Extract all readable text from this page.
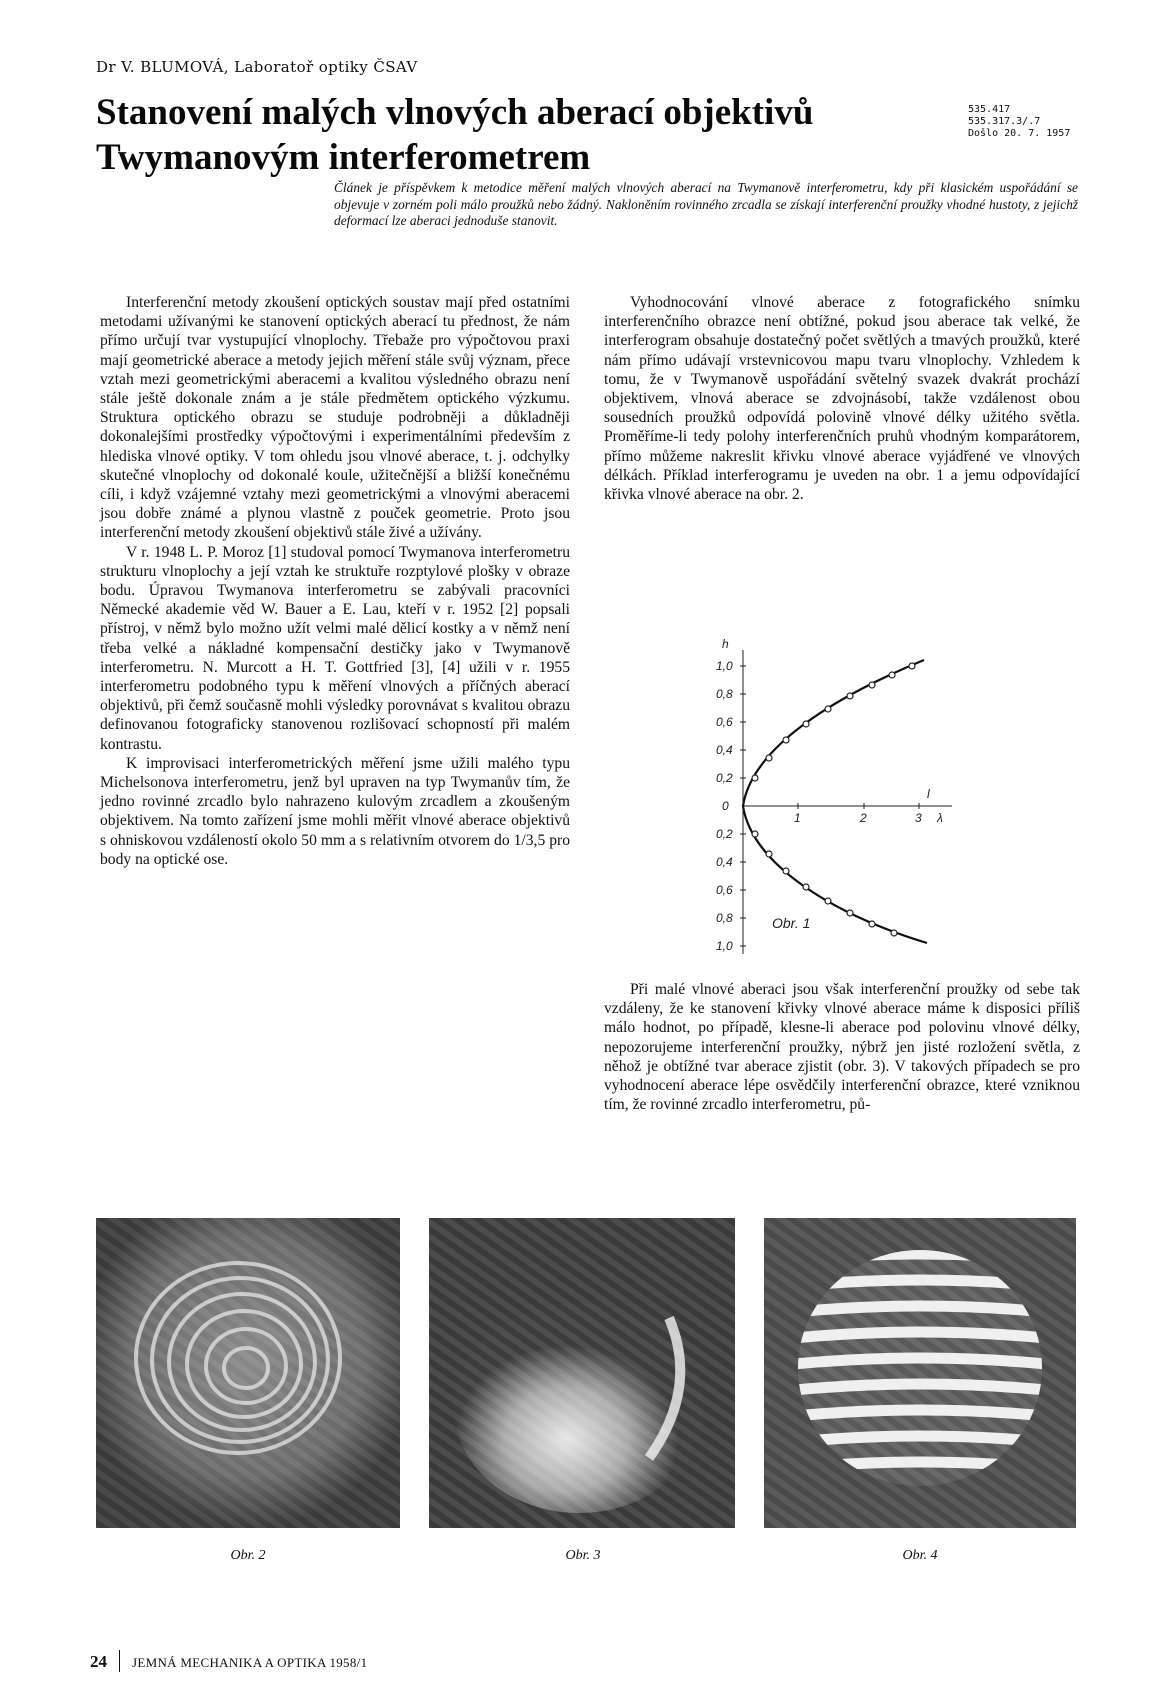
Dr V. BLUMOVÁ, Laboratoř optiky ČSAV
Stanovení malých vlnových aberací objektivů
Twymanovým interferometrem
535.417
535.317.3/.7
Došlo 20. 7. 1957
Článek je příspěvkem k metodice měření malých vlnových aberací na Twymanově interferometru, kdy při klasickém uspořádání se objevuje v zorném poli málo proužků nebo žádný. Nakloněním rovinného zrcadla se získají interferenční proužky vhodné hustoty, z jejichž deformací lze aberaci jednoduše stanovit.

Interferenční metody zkoušení optických soustav mají před ostatními metodami užívanými ke stanovení optických aberací tu přednost, že nám přímo určují tvar vystupující vlnoplochy. Třebaže pro výpočtovou praxi mají geometrické aberace a metody jejich měření stále svůj význam, přece vztah mezi geometrickými aberacemi a kvalitou výsledného obrazu není stále ještě dokonale znám a je stále předmětem optického výzkumu. Struktura optického obrazu se studuje podrobněji a důkladněji dokonalejšími prostředky výpočtovými i experimentálními především z hlediska vlnové optiky. V tom ohledu jsou vlnové aberace, t. j. odchylky skutečné vlnoplochy od dokonalé koule, užitečnější a bližší konečnému cíli, i když vzájemné vztahy mezi geometrickými a vlnovými aberacemi jsou dobře známé a plynou vlastně z pouček geometrie. Proto jsou interferenční metody zkoušení objektivů stále živé a užívány.

V r. 1948 L. P. Moroz [1] studoval pomocí Twymanova interferometru strukturu vlnoplochy a její vztah ke struktuře rozptylové plošky v obraze bodu. Úpravou Twymanova interferometru se zabývali pracovníci Německé akademie věd W. Bauer a E. Lau, kteří v r. 1952 [2] popsali přístroj, v němž bylo možno užít velmi malé dělicí kostky a v němž není třeba velké a nákladné kompensační destičky jako v Twymanově interferometru. N. Murcott a H. T. Gottfried [3], [4] užili v r. 1955 interferometru podobného typu k měření vlnových a příčných aberací objektivů, při čemž současně mohli výsledky porovnávat s kvalitou obrazu definovanou fotograficky stanovenou rozlišovací schopností při malém kontrastu.

K improvisaci interferometrických měření jsme užili malého typu Michelsonova interferometru, jenž byl upraven na typ Twymanův tím, že jedno rovinné zrcadlo bylo nahrazeno kulovým zrcadlem a zkoušeným objektivem. Na tomto zařízení jsme mohli měřit vlnové aberace objektivů s ohniskovou vzdáleností okolo 50 mm a s relativním otvorem do 1/3,5 pro body na optické ose.

Vyhodnocování vlnové aberace z fotografického snímku interferenčního obrazce není obtížné, pokud jsou aberace tak velké, že interferogram obsahuje dostatečný počet světlých a tmavých proužků, které nám přímo udávají vrstevnicovou mapu tvaru vlnoplochy. Vzhledem k tomu, že v Twymanově uspořádání světelný svazek dvakrát prochází objektivem, vlnová aberace se zdvojnásobí, takže vzdálenost obou sousedních proužků odpovídá polovině vlnové délky užitého světla. Proměříme-li tedy polohy interferenčních pruhů vhodným komparátorem, přímo můžeme nakreslit křivku vlnové aberace vyjádřené ve vlnových délkách. Příklad interferogramu je uveden na obr. 1 a jemu odpovídající křivka vlnové aberace na obr. 2.

h
1,0
0,8
0,6
0,4
0,2
0
0,2
0,4
0,6
0,8
1,0
1	2	3 λ
l
Obr. 1

Při malé vlnové aberaci jsou však interferenční proužky od sebe tak vzdáleny, že ke stanovení křivky vlnové aberace máme k disposici příliš málo hodnot, po případě, klesne-li aberace pod polovinu vlnové délky, nepozorujeme interferenční proužky, nýbrž jen jisté rozložení světla, z něhož je obtížné tvar aberace zjistit (obr. 3). V takových případech se pro vyhodnocení aberace lépe osvědčily interferenční obrazce, které vzniknou tím, že rovinné zrcadlo interferometru, pů-

Obr. 2	Obr. 3	Obr. 4
24 JEMNÁ MECHANIKA A OPTIKA 1958/1
